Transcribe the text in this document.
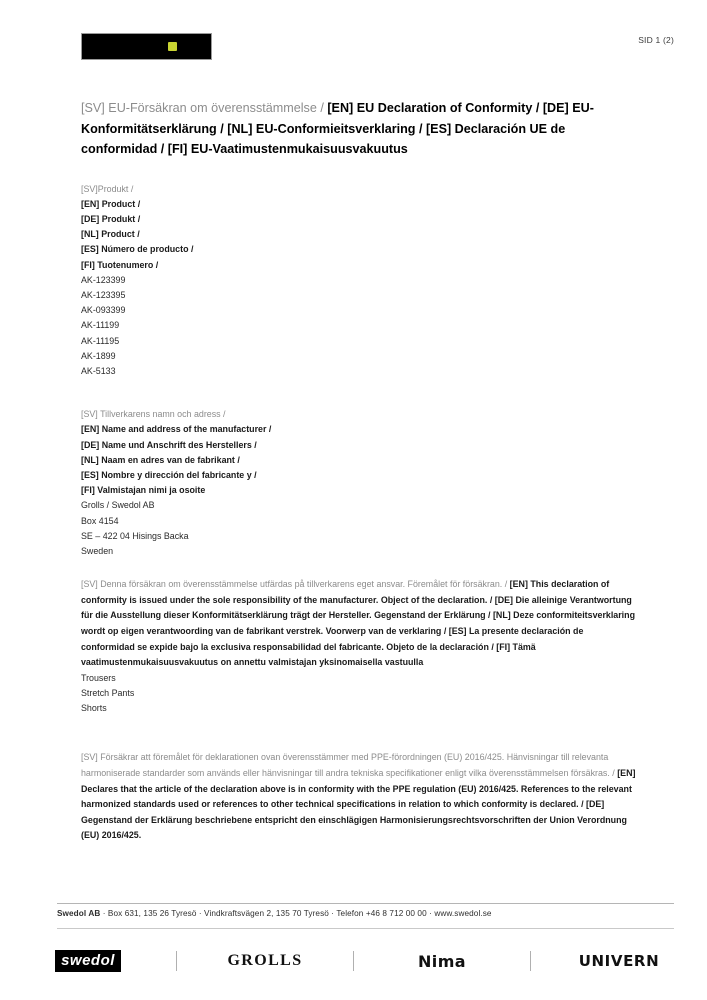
SID 1 (2)
[SV] EU-Försäkran om överensstämmelse / [EN] EU Declaration of Conformity / [DE] EU-Konformitätserklärung / [NL] EU-Conformieitsverklaring / [ES] Declaración UE de conformidad / [FI] EU-Vaatimustenmukaisuusvakuutus
[SV]Produkt /
[EN] Product /
[DE] Produkt /
[NL] Product /
[ES] Número de producto /
[FI] Tuotenumero /
AK-123399
AK-123395
AK-093399
AK-11199
AK-11195
AK-1899
AK-5133
[SV] Tillverkarens namn och adress /
[EN] Name and address of the manufacturer /
[DE] Name und Anschrift des Herstellers /
[NL] Naam en adres van de fabrikant /
[ES] Nombre y dirección del fabricante y /
[FI] Valmistajan nimi ja osoite
Grolls / Swedol AB
Box 4154
SE – 422 04 Hisings Backa
Sweden

[SV] Denna försäkran om överensstämmelse utfärdas på tillverkarens eget ansvar. Föremålet för försäkran. / [EN] This declaration of conformity is issued under the sole responsibility of the manufacturer. Object of the declaration. / [DE] Die alleinige Verantwortung für die Ausstellung dieser Konformitätserklärung trägt der Hersteller. Gegenstand der Erklärung / [NL] Deze conformiteitsverklaring wordt op eigen verantwoording van de fabrikant verstrek. Voorwerp van de verklaring / [ES] La presente declaración de conformidad se expide bajo la exclusiva responsabilidad del fabricante. Objeto de la declaración / [FI] Tämä vaatimustenmukaisuusvakuutus on annettu valmistajan yksinomaisella vastuulla

Trousers
Stretch Pants
Shorts

[SV] Försäkrar att föremålet för deklarationen ovan överensstämmer med PPE-förordningen (EU) 2016/425. Hänvisningar till relevanta harmoniserade standarder som används eller hänvisningar till andra tekniska specifikationer enligt vilka överensstämmelsen försäkras. / [EN] Declares that the article of the declaration above is in conformity with the PPE regulation (EU) 2016/425. References to the relevant harmonized standards used or references to other technical specifications in relation to which conformity is declared. / [DE] Gegenstand der Erklärung beschriebene entspricht den einschlägigen Harmonisierungsrechtsvorschriften der Union Verordnung (EU) 2016/425.

Swedol AB · Box 631, 135 26 Tyresö · Vindkraftsvägen 2, 135 70 Tyresö · Telefon +46 8 712 00 00 · www.swedol.se
swedol	GROLLS	Nima	UNIVERN
